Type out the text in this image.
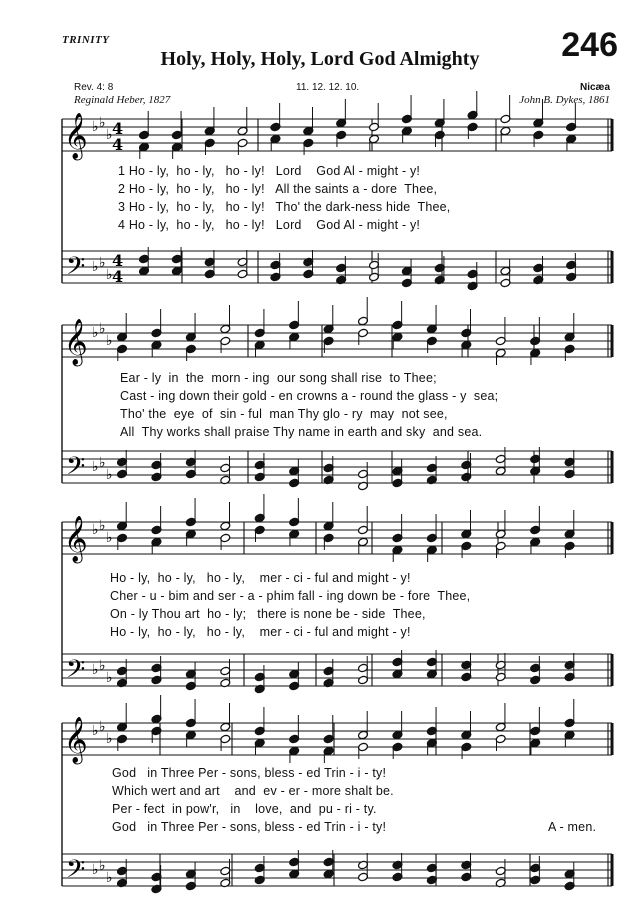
TRINITY
Holy, Holy, Holy, Lord God Almighty	246
Rev. 4: 8	11. 12. 12. 10.	Nicæa
Reginald Heber, 1827	John B. Dykes, 1861
1 Ho - ly,  ho - ly,   ho - ly!   Lord    God Al - might - y!
2 Ho - ly,  ho - ly,   ho - ly!   All the saints a - dore  Thee,
3 Ho - ly,  ho - ly,   ho - ly!   Tho' the dark-ness hide  Thee,
4 Ho - ly,  ho - ly,   ho - ly!   Lord    God Al - might - y!
Ear - ly  in  the  morn - ing  our song shall rise  to Thee;
Cast - ing down their gold - en crowns a - round the glass - y  sea;
Tho' the  eye  of  sin - ful  man Thy glo - ry  may  not see,
All  Thy works shall praise Thy name in earth and sky  and sea.
Ho - ly,  ho - ly,   ho - ly,    mer - ci - ful and might - y!
Cher - u - bim and ser - a - phim fall - ing down be - fore  Thee,
On - ly Thou art  ho - ly;   there is none be - side  Thee,
Ho - ly,  ho - ly,   ho - ly,    mer - ci - ful and might - y!
God   in Three Per - sons, bless - ed Trin - i - ty!
Which wert and art    and  ev - er - more shalt be.
Per - fect  in pow'r,   in    love,  and  pu - ri - ty.
God   in Three Per - sons, bless - ed Trin - i - ty!	A - men.
𝄞
𝄢
♭
♭
♭
♭
♭
♭
4
4
4
4
𝄞
𝄢
♭
♭
♭
♭
♭
♭
𝄞
𝄢
♭
♭
♭
♭
♭
♭
𝄞
𝄢
♭
♭
♭
♭
♭
♭
